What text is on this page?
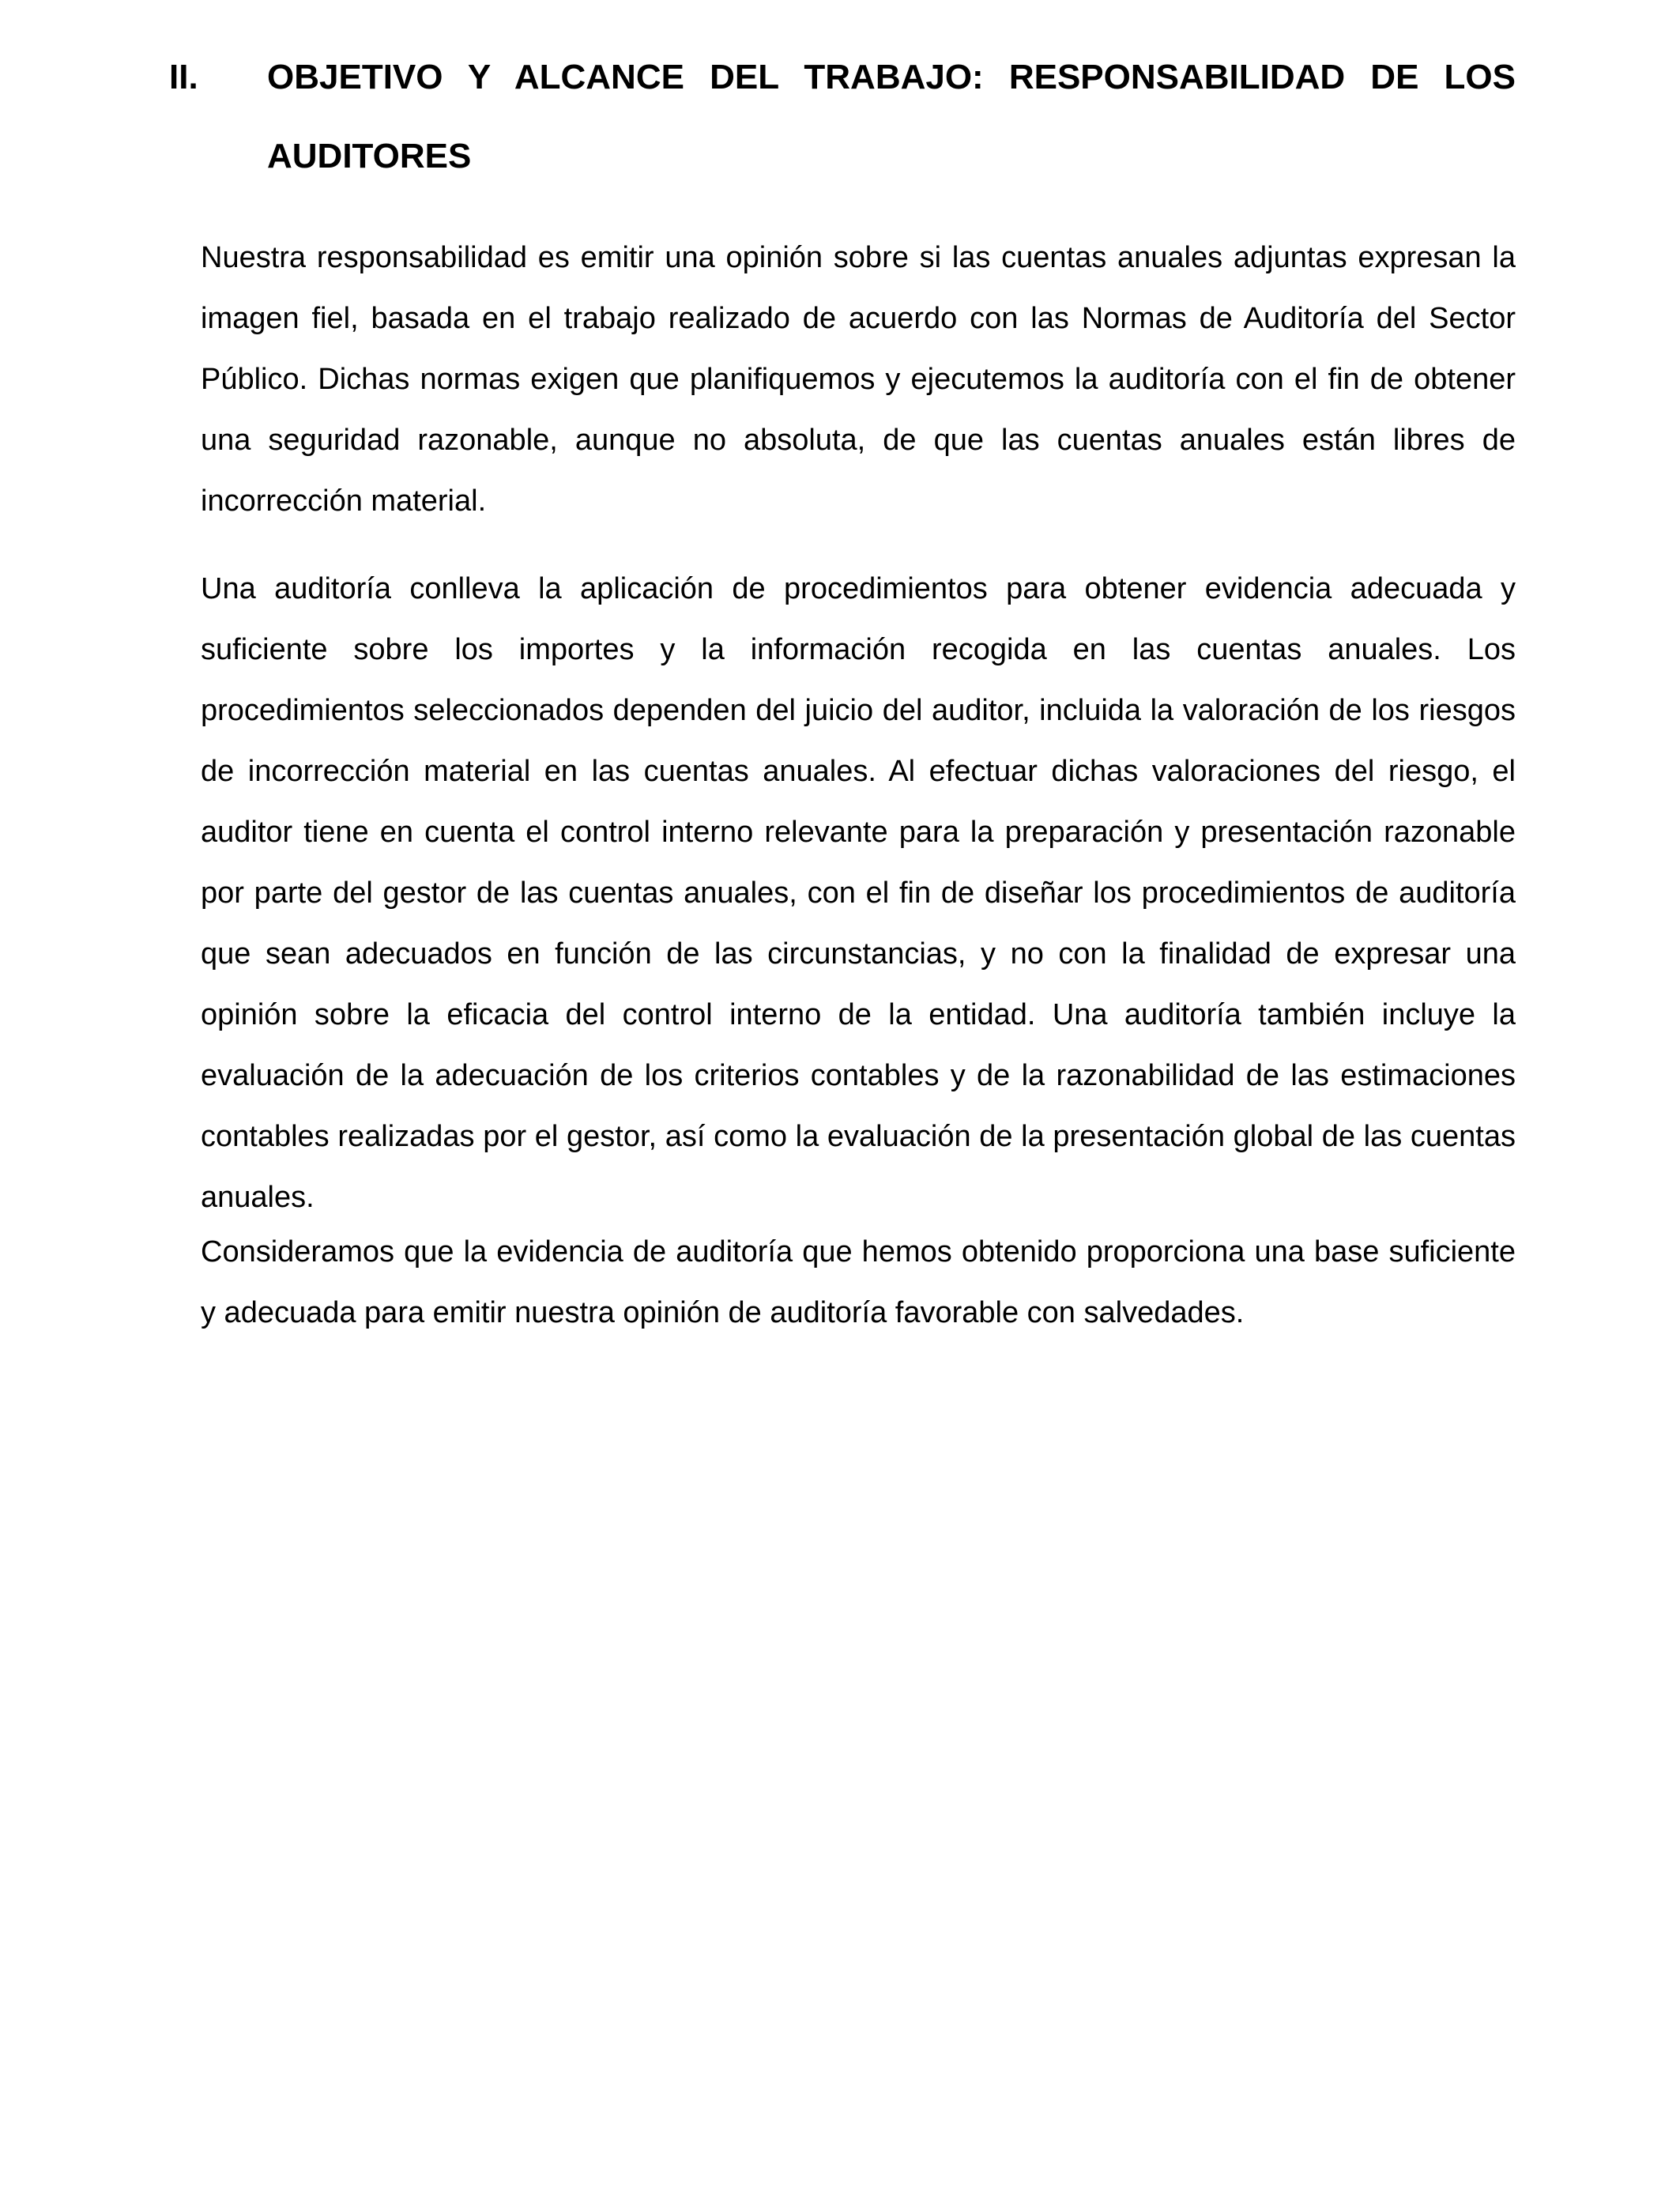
II. OBJETIVO Y ALCANCE DEL TRABAJO: RESPONSABILIDAD DE LOS AUDITORES

Nuestra responsabilidad es emitir una opinión sobre si las cuentas anuales adjuntas expresan la imagen fiel, basada en el trabajo realizado de acuerdo con las Normas de Auditoría del Sector Público. Dichas normas exigen que planifiquemos y ejecutemos la auditoría con el fin de obtener una seguridad razonable, aunque no absoluta, de que las cuentas anuales están libres de incorrección material.

Una auditoría conlleva la aplicación de procedimientos para obtener evidencia adecuada y suficiente sobre los importes y la información recogida en las cuentas anuales. Los procedimientos seleccionados dependen del juicio del auditor, incluida la valoración de los riesgos de incorrección material en las cuentas anuales. Al efectuar dichas valoraciones del riesgo, el auditor tiene en cuenta el control interno relevante para la preparación y presentación razonable por parte del gestor de las cuentas anuales, con el fin de diseñar los procedimientos de auditoría que sean adecuados en función de las circunstancias, y no con la finalidad de expresar una opinión sobre la eficacia del control interno de la entidad. Una auditoría también incluye la evaluación de la adecuación de los criterios contables y de la razonabilidad de las estimaciones contables realizadas por el gestor, así como la evaluación de la presentación global de las cuentas anuales.

Consideramos que la evidencia de auditoría que hemos obtenido proporciona una base suficiente y adecuada para emitir nuestra opinión de auditoría favorable con salvedades.
